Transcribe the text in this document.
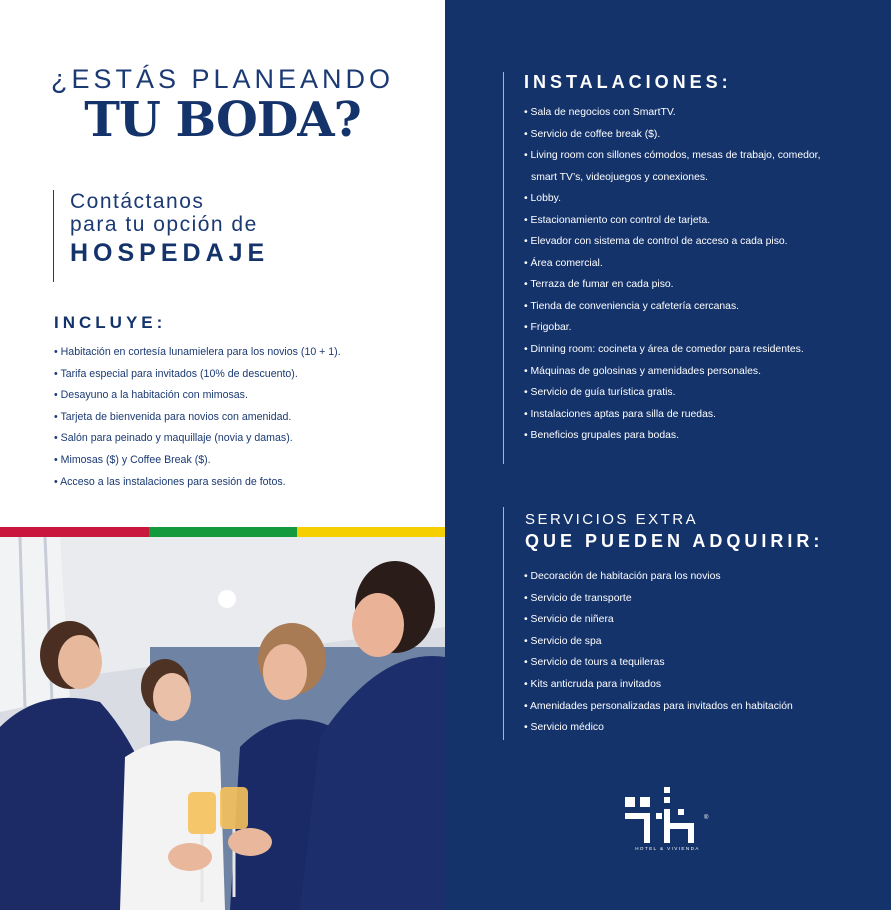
¿ESTÁS PLANEANDO
TU BODA?
Contáctanos
para tu opción de
HOSPEDAJE
INCLUYE:
• Habitación en cortesía lunamielera para los novios (10 + 1).
• Tarifa especial para invitados (10% de descuento).
• Desayuno a la habitación con mimosas.
• Tarjeta de bienvenida para novios con amenidad.
• Salón para peinado y maquillaje (novia y damas).
• Mimosas ($) y Coffee Break ($).
• Acceso a las instalaciones para sesión de fotos.
INSTALACIONES:
• Sala de negocios con SmartTV.
• Servicio de coffee break ($).
• Living room con sillones cómodos, mesas de trabajo, comedor,
smart TV’s, videojuegos y conexiones.
• Lobby.
• Estacionamiento con control de tarjeta.
• Elevador con sistema de control de acceso a cada piso.
• Área comercial.
• Terraza de fumar en cada piso.
• Tienda de conveniencia y cafetería cercanas.
• Frigobar.
• Dinning room: cocineta y área de comedor para residentes.
• Máquinas de golosinas y amenidades personales.
• Servicio de guía turística gratis.
• Instalaciones aptas para silla de ruedas.
• Beneficios grupales para bodas.
SERVICIOS EXTRA
QUE PUEDEN ADQUIRIR:
• Decoración de habitación para los novios
• Servicio de transporte
• Servicio de niñera
• Servicio de spa
• Servicio de tours a tequileras
• Kits anticruda para invitados
• Amenidades personalizadas para invitados en habitación
• Servicio médico
®
HOTEL & VIVIENDA
